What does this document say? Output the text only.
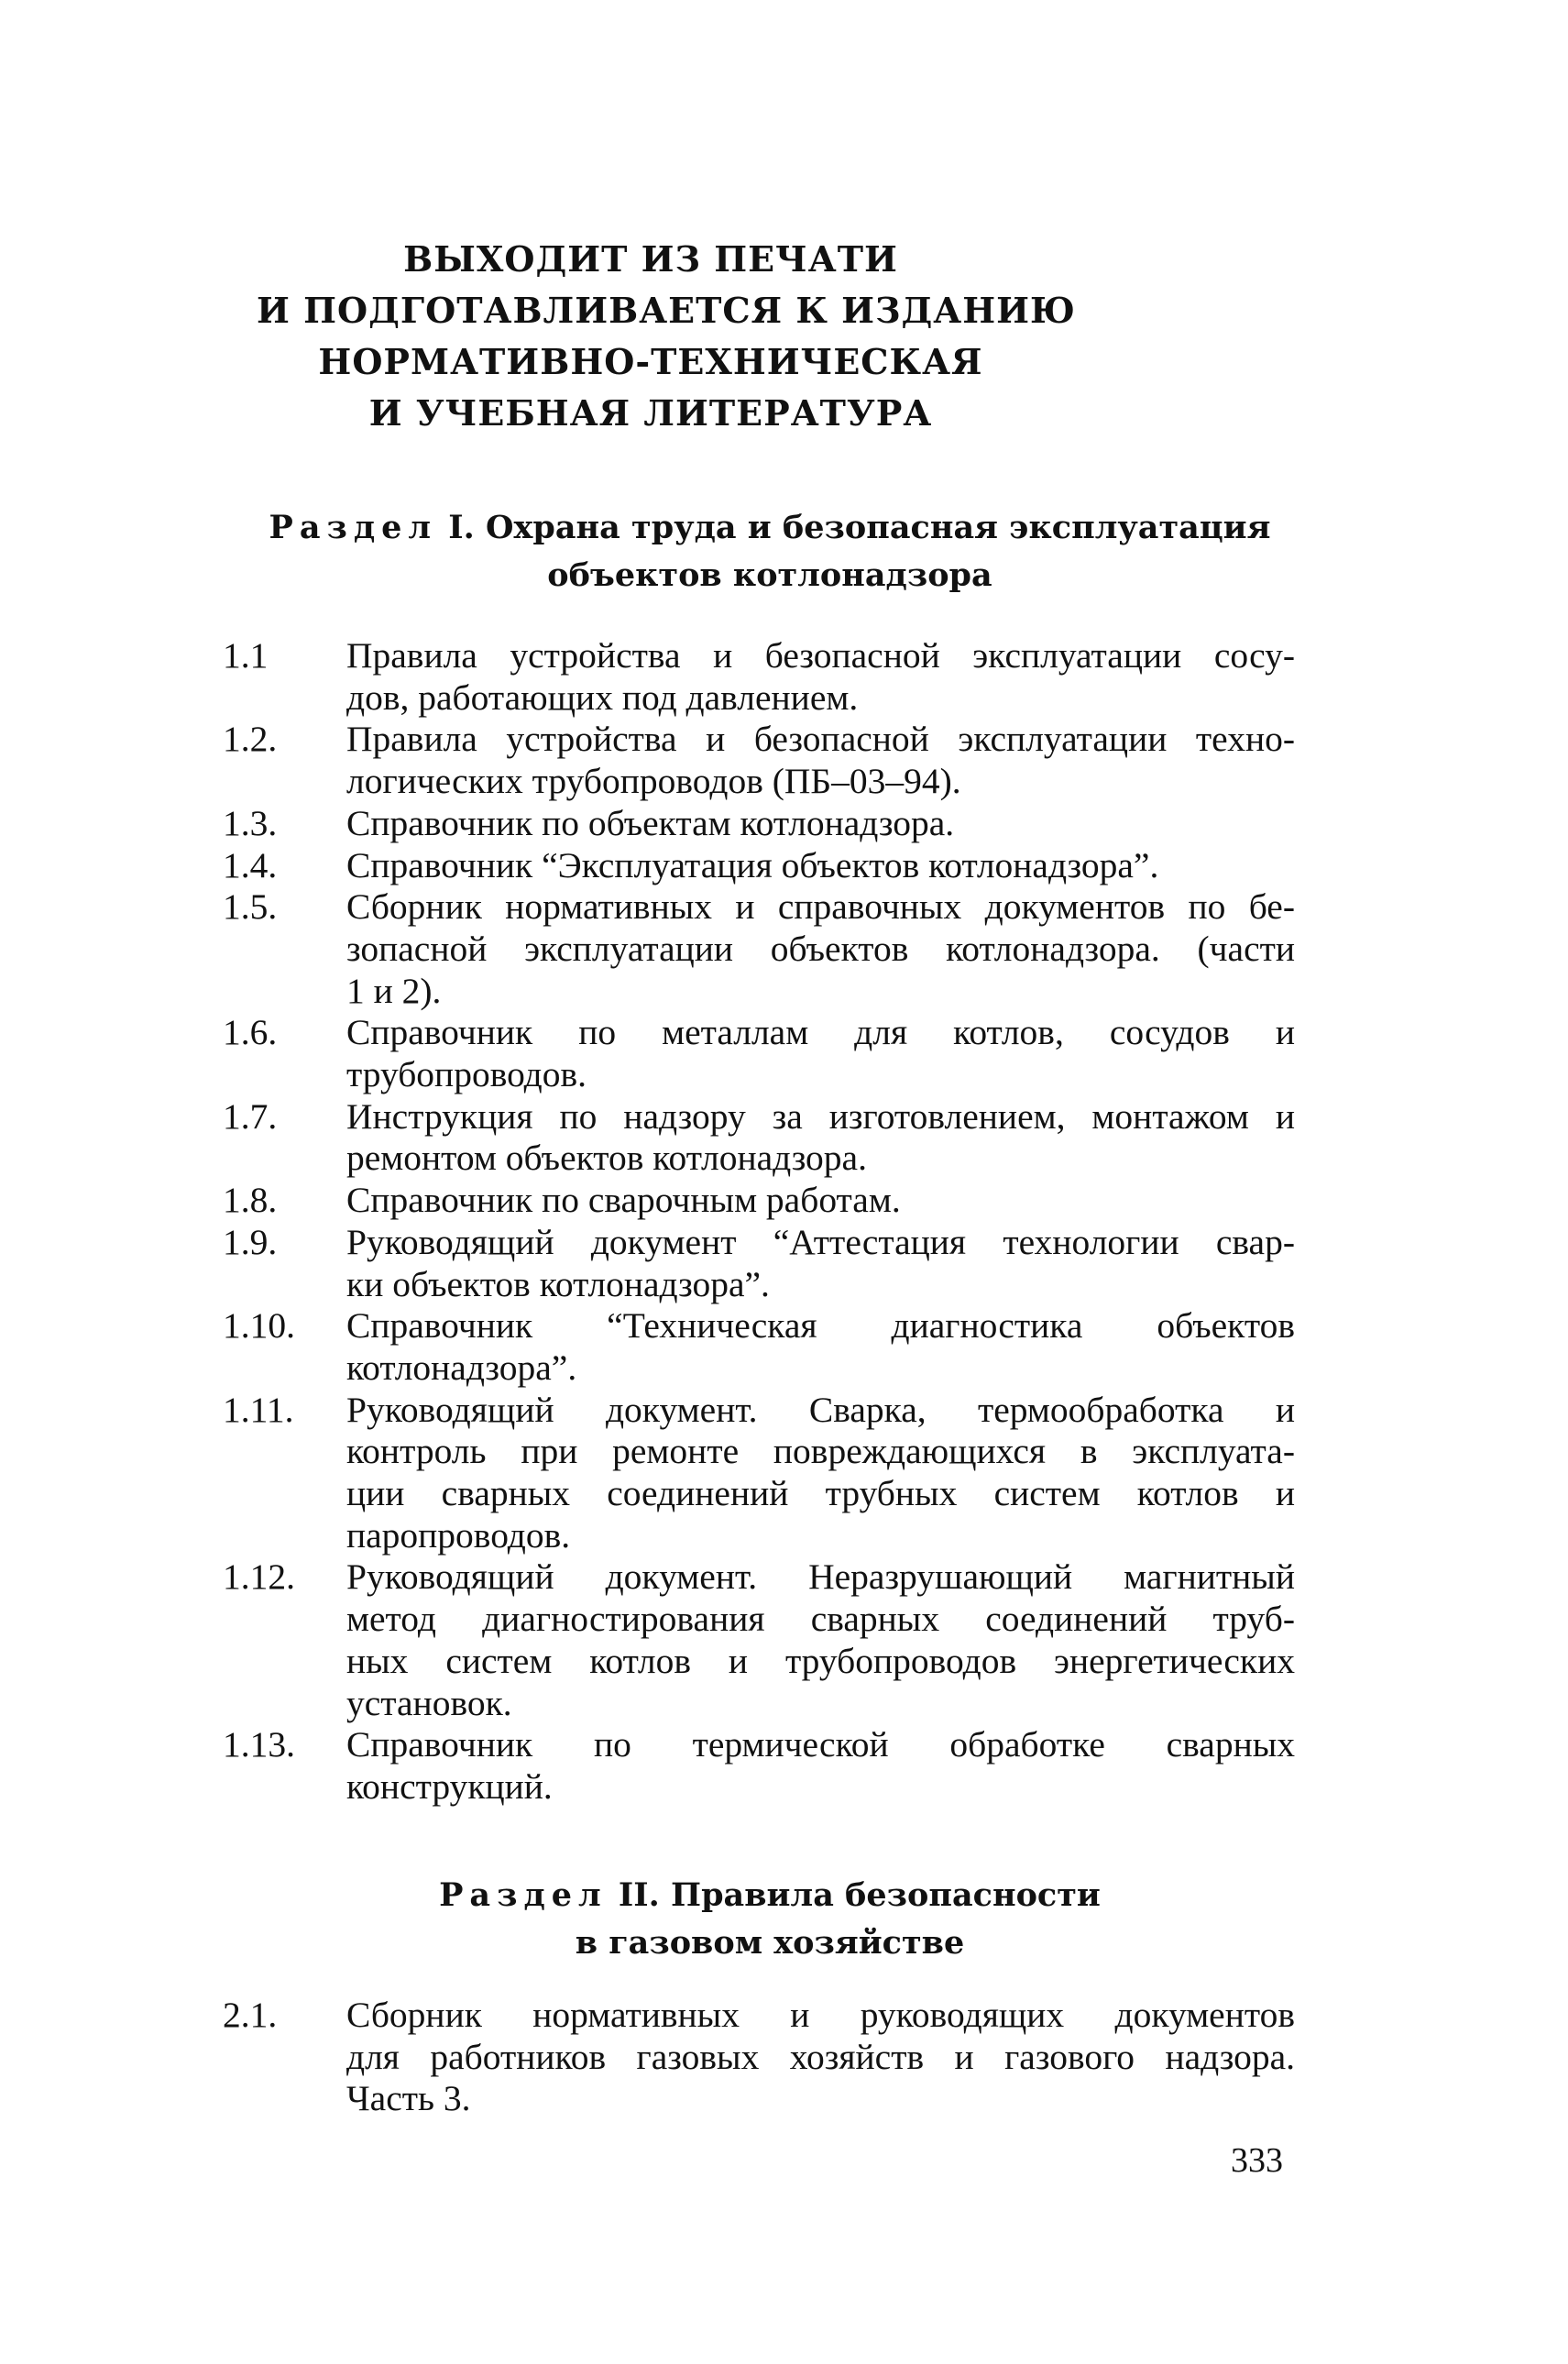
ВЫХОДИТ ИЗ ПЕЧАТИ
И ПОДГОТАВЛИВАЕТСЯ К ИЗДАНИЮ
НОРМАТИВНО-ТЕХНИЧЕСКАЯ
И УЧЕБНАЯ ЛИТЕРАТУРА
Раздел I. Охрана труда и безопасная эксплуатация
объектов котлонадзора
1.1	Правила устройства и безопасной эксплуатации сосу-
дов, работающих под давлением.
1.2.	Правила устройства и безопасной эксплуатации техно-
логических трубопроводов (ПБ–03–94).
1.3.	Справочник по объектам котлонадзора.
1.4.	Справочник “Эксплуатация объектов котлонадзора”.
1.5.	Сборник нормативных и справочных документов по бе-
зопасной эксплуатации объектов котлонадзора. (части
1 и 2).
1.6.	Справочник по металлам для котлов, сосудов и
трубопроводов.
1.7.	Инструкция по надзору за изготовлением, монтажом и
ремонтом объектов котлонадзора.
1.8.	Справочник по сварочным работам.
1.9.	Руководящий документ “Аттестация технологии свар-
ки объектов котлонадзора”.
1.10.	Справочник “Техническая диагностика объектов
котлонадзора”.
1.11.	Руководящий документ. Сварка, термообработка и
контроль при ремонте повреждающихся в эксплуата-
ции сварных соединений трубных систем котлов и
паропроводов.
1.12.	Руководящий документ. Неразрушающий магнитный
метод диагностирования сварных соединений труб-
ных систем котлов и трубопроводов энергетических
установок.
1.13.	Справочник по термической обработке сварных
конструкций.
Раздел II. Правила безопасности
в газовом хозяйстве
2.1.	Сборник нормативных и руководящих документов
для работников газовых хозяйств и газового надзора.
Часть 3.
333
